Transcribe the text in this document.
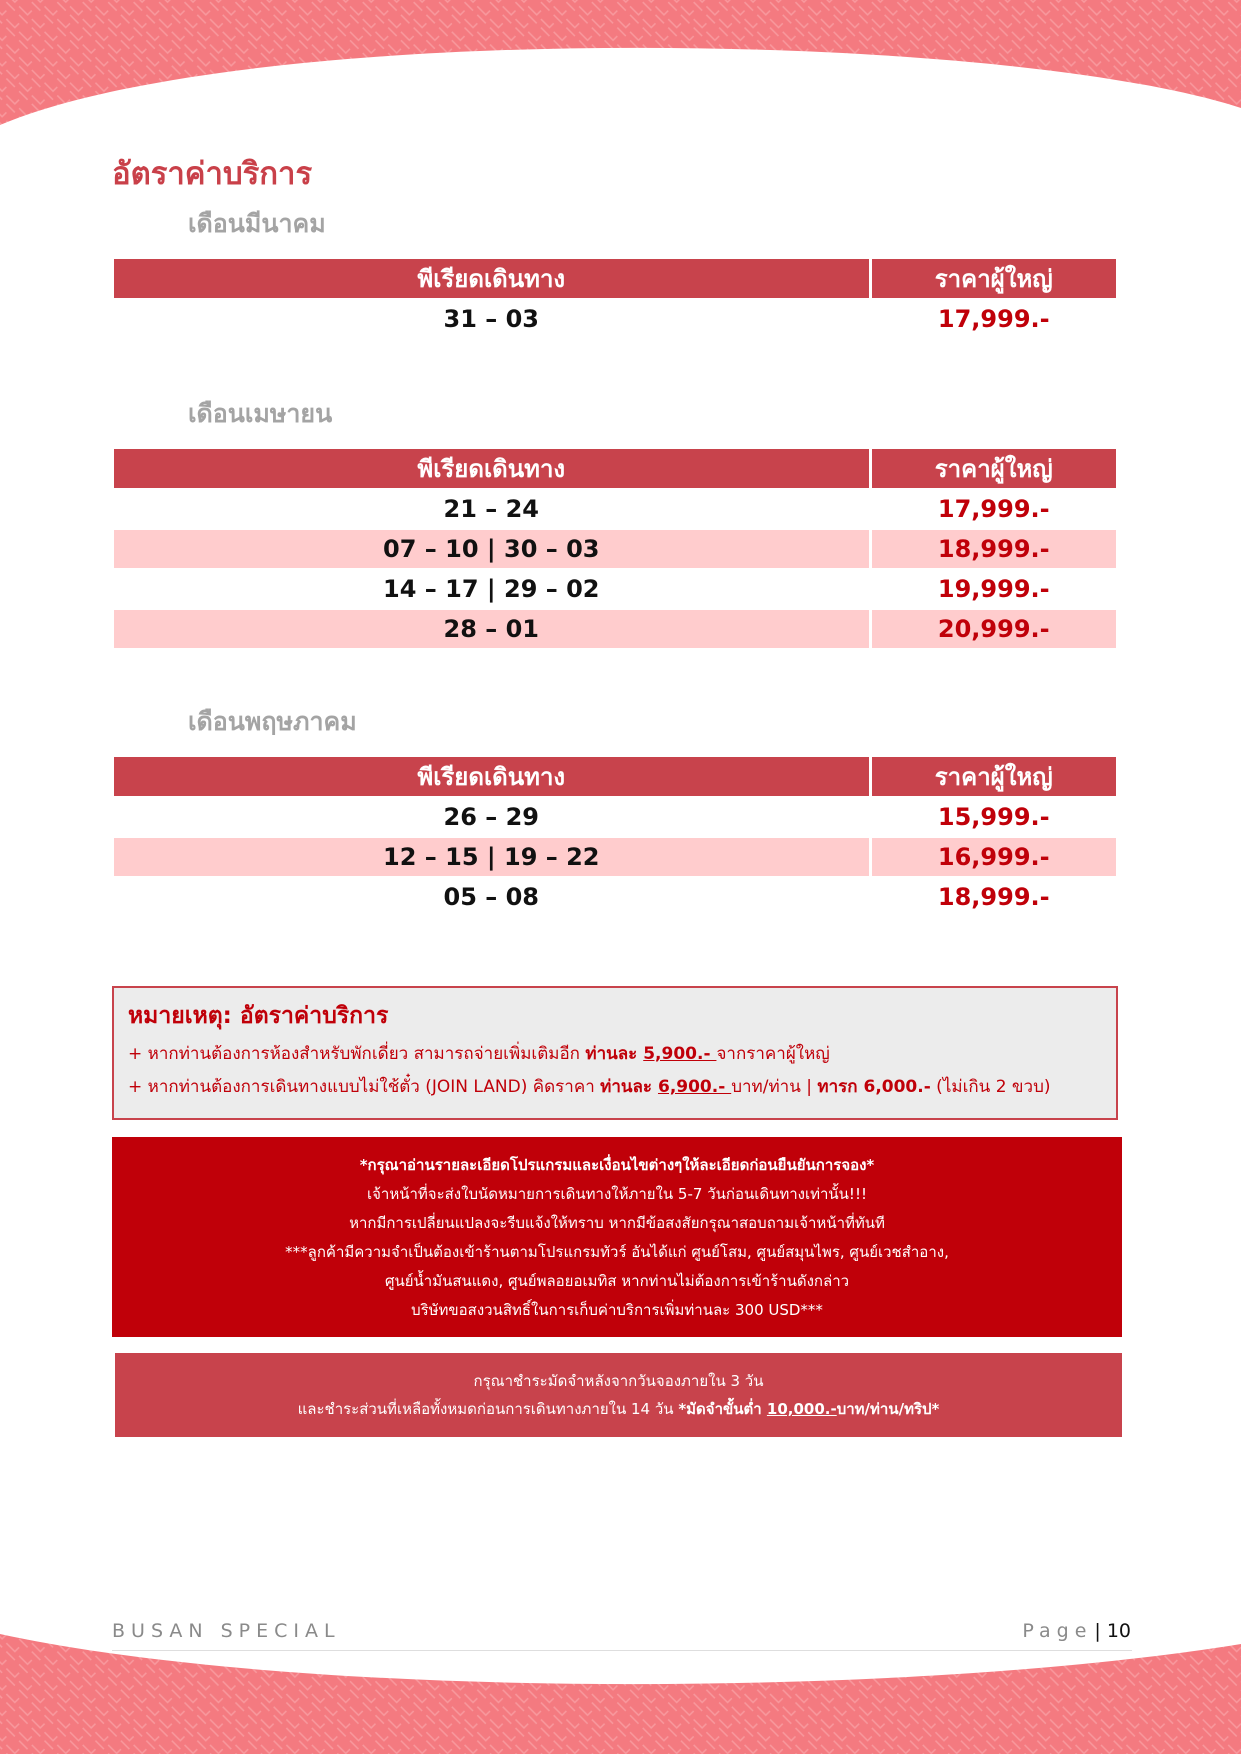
อัตราค่าบริการ
เดือนมีนาคม
พีเรียดเดินทาง	ราคาผู้ใหญ่
31 – 03	17,999.-
เดือนเมษายน
พีเรียดเดินทาง	ราคาผู้ใหญ่
21 – 24	17,999.-
07 – 10 | 30 – 03	18,999.-
14 – 17 | 29 – 02	19,999.-
28 – 01	20,999.-
เดือนพฤษภาคม
พีเรียดเดินทาง	ราคาผู้ใหญ่
26 – 29	15,999.-
12 – 15 | 19 – 22	16,999.-
05 – 08	18,999.-

หมายเหตุ: อัตราค่าบริการ

+ หากท่านต้องการห้องสำหรับพักเดี่ยว สามารถจ่ายเพิ่มเติมอีก ท่านละ 5,900.- จากราคาผู้ใหญ่

+ หากท่านต้องการเดินทางแบบไม่ใช้ตั๋ว (JOIN LAND) คิดราคา ท่านละ 6,900.- บาท/ท่าน | ทารก 6,000.- (ไม่เกิน 2 ขวบ)

*กรุณาอ่านรายละเอียดโปรแกรมและเงื่อนไขต่างๆให้ละเอียดก่อนยืนยันการจอง*

เจ้าหน้าที่จะส่งใบนัดหมายการเดินทางให้ภายใน 5-7 วันก่อนเดินทางเท่านั้น!!!

หากมีการเปลี่ยนแปลงจะรีบแจ้งให้ทราบ หากมีข้อสงสัยกรุณาสอบถามเจ้าหน้าที่ทันที

***ลูกค้ามีความจำเป็นต้องเข้าร้านตามโปรแกรมทัวร์ อันได้แก่ ศูนย์โสม, ศูนย์สมุนไพร, ศูนย์เวชสำอาง,

ศูนย์น้ำมันสนแดง, ศูนย์พลอยอเมทิส หากท่านไม่ต้องการเข้าร้านดังกล่าว

บริษัทขอสงวนสิทธิ์ในการเก็บค่าบริการเพิ่มท่านละ 300 USD***

กรุณาชำระมัดจำหลังจากวันจองภายใน 3 วัน

และชำระส่วนที่เหลือทั้งหมดก่อนการเดินทางภายใน 14 วัน *มัดจำขั้นต่ำ 10,000.-บาท/ท่าน/ทริป*

BUSAN SPECIAL	Page | 10
